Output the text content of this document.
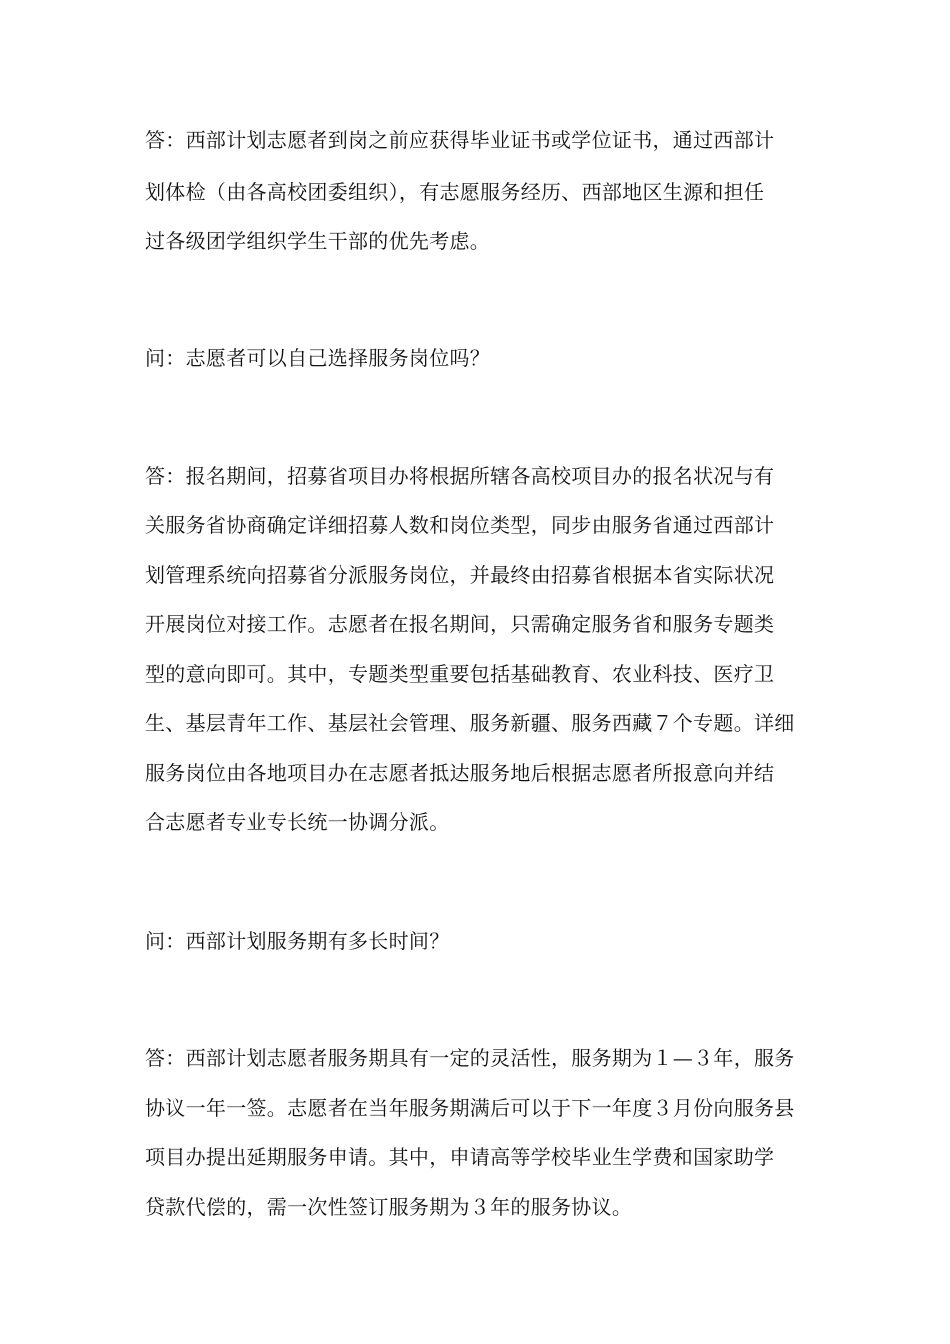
答：西部计划志愿者到岗之前应获得毕业证书或学位证书，通过西部计
划体检（由各高校团委组织），有志愿服务经历、西部地区生源和担任
过各级团学组织学生干部的优先考虑。
问：志愿者可以自己选择服务岗位吗？
答：报名期间，招募省项目办将根据所辖各高校项目办的报名状况与有
关服务省协商确定详细招募人数和岗位类型，同步由服务省通过西部计
划管理系统向招募省分派服务岗位，并最终由招募省根据本省实际状况
开展岗位对接工作。志愿者在报名期间，只需确定服务省和服务专题类
型的意向即可。其中，专题类型重要包括基础教育、农业科技、医疗卫
生、基层青年工作、基层社会管理、服务新疆、服务西藏７个专题。详细
服务岗位由各地项目办在志愿者抵达服务地后根据志愿者所报意向并结
合志愿者专业专长统一协调分派。
问：西部计划服务期有多长时间？
答：西部计划志愿者服务期具有一定的灵活性，服务期为１—３年，服务
协议一年一签。志愿者在当年服务期满后可以于下一年度３月份向服务县
项目办提出延期服务申请。其中，申请高等学校毕业生学费和国家助学
贷款代偿的，需一次性签订服务期为３年的服务协议。
